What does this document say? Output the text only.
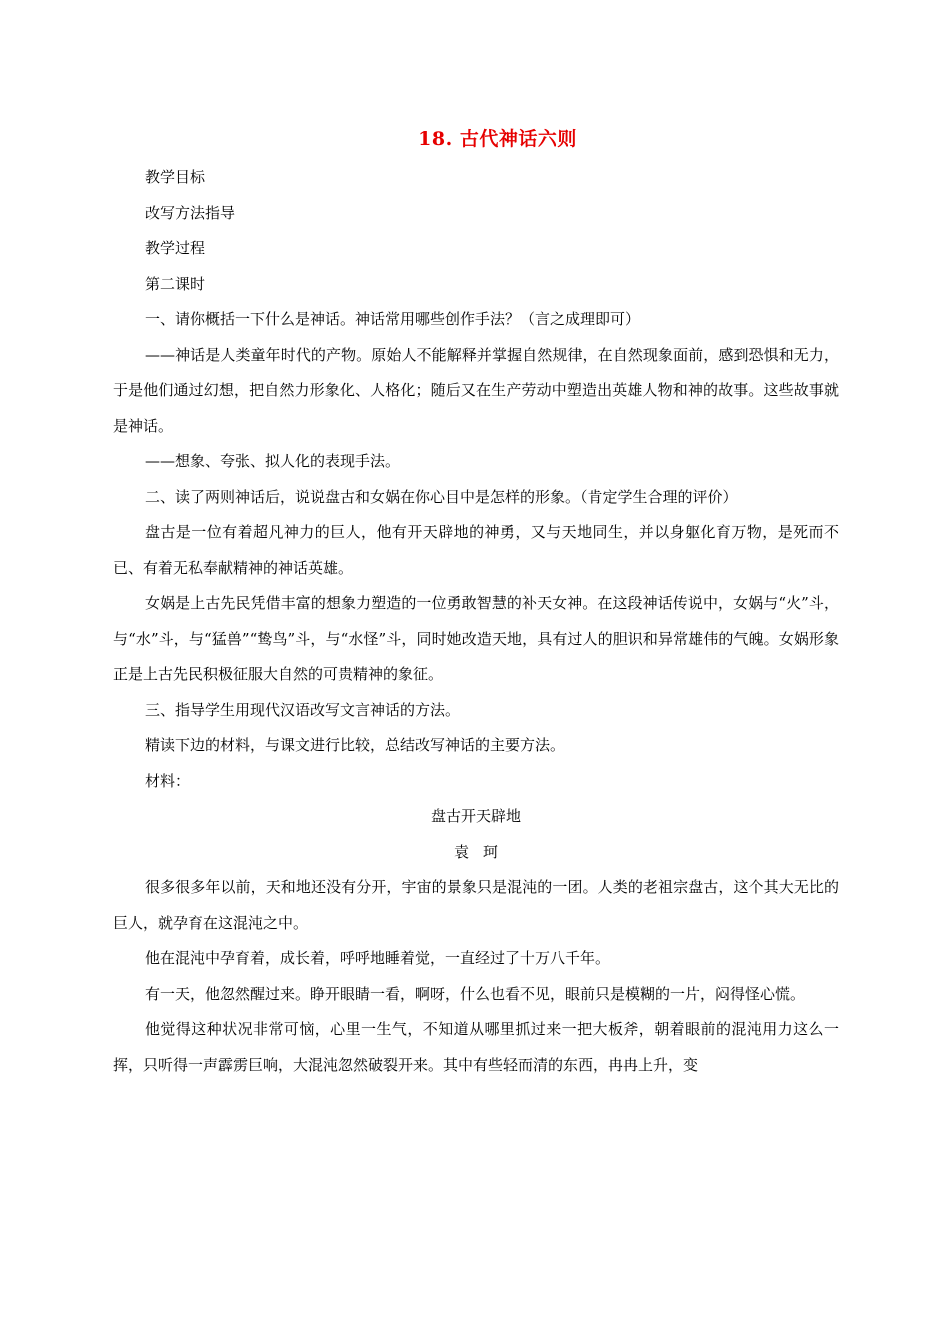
18. 古代神话六则

教学目标

改写方法指导

教学过程

第二课时

一、请你概括一下什么是神话。神话常用哪些创作手法？（言之成理即可）

——神话是人类童年时代的产物。原始人不能解释并掌握自然规律，在自然现象面前，感到恐惧和无力，于是他们通过幻想，把自然力形象化、人格化；随后又在生产劳动中塑造出英雄人物和神的故事。这些故事就是神话。

——想象、夸张、拟人化的表现手法。

二、读了两则神话后，说说盘古和女娲在你心目中是怎样的形象。（肯定学生合理的评价）

盘古是一位有着超凡神力的巨人，他有开天辟地的神勇，又与天地同生，并以身躯化育万物，是死而不已、有着无私奉献精神的神话英雄。

女娲是上古先民凭借丰富的想象力塑造的一位勇敢智慧的补天女神。在这段神话传说中，女娲与“火”斗，与“水”斗，与“猛兽”“鸷鸟”斗，与“水怪”斗，同时她改造天地，具有过人的胆识和异常雄伟的气魄。女娲形象正是上古先民积极征服大自然的可贵精神的象征。

三、指导学生用现代汉语改写文言神话的方法。

精读下边的材料，与课文进行比较，总结改写神话的主要方法。

材料：

盘古开天辟地

袁珂

很多很多年以前，天和地还没有分开，宇宙的景象只是混沌的一团。人类的老祖宗盘古，这个其大无比的巨人，就孕育在这混沌之中。

他在混沌中孕育着，成长着，呼呼地睡着觉，一直经过了十万八千年。

有一天，他忽然醒过来。睁开眼睛一看，啊呀，什么也看不见，眼前只是模糊的一片，闷得怪心慌。

他觉得这种状况非常可恼，心里一生气，不知道从哪里抓过来一把大板斧，朝着眼前的混沌用力这么一挥，只听得一声霹雳巨响，大混沌忽然破裂开来。其中有些轻而清的东西，冉冉上升，变
